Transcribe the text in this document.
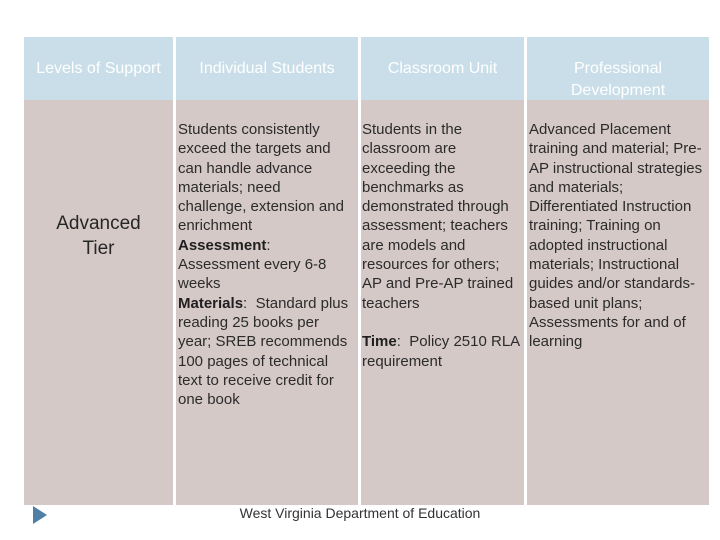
Levels of Support
Advanced Tier
Individual Students
Students consistently exceed the targets and can handle advance materials; need challenge, extension and enrichment
Assessment: Assessment every 6-8 weeks
Materials:  Standard plus reading 25 books per year; SREB recommends 100 pages of technical text to receive credit for one book
Classroom Unit
Students in the classroom are exceeding the benchmarks as demonstrated through assessment; teachers are models and resources for others; AP and Pre-AP trained teachers

Time:  Policy 2510 RLA requirement
Professional Development
Advanced Placement training and material; Pre-AP instructional strategies and materials; Differentiated Instruction training; Training on adopted instructional materials; Instructional guides and/or standards-based unit plans; Assessments for and of learning
West Virginia Department of Education
